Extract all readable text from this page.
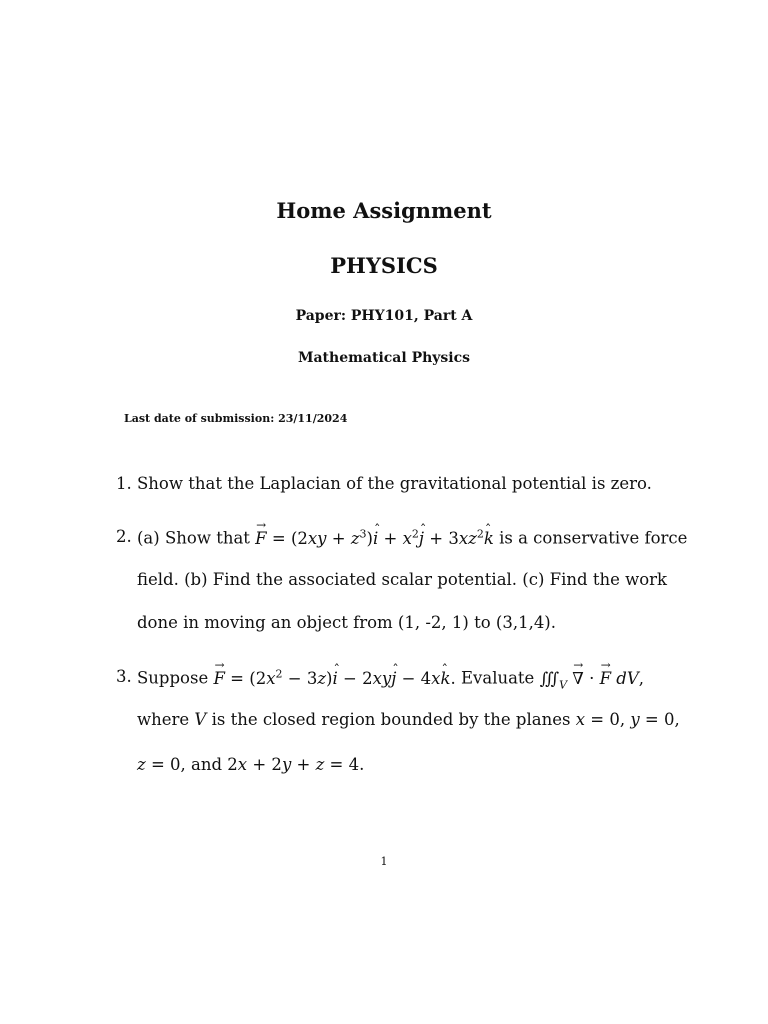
Home Assignment
PHYSICS
Paper: PHY101, Part A
Mathematical Physics
Last date of submission: 23/11/2024
1. Show that the Laplacian of the gravitational potential is zero.
2. (a) Show that → $F = (2xy + z^3)ˆ$ $i + x^2ˆ$ $j + 3xz^2ˆ$ k is a conservative force
field. (b) Find the associated scalar potential. (c) Find the work
done in moving an object from (1, -2, 1) to (3,1,4).
3. Suppose → $F = (2x^2$ − 3z)ˆ i − 2xyˆ j − 4xˆ k. Evaluate $∭_V$ → ∇ · → F dV,
where V is the closed region bounded by the planes x = 0, y = 0,
z = 0, and 2x + 2y + z = 4.
1
